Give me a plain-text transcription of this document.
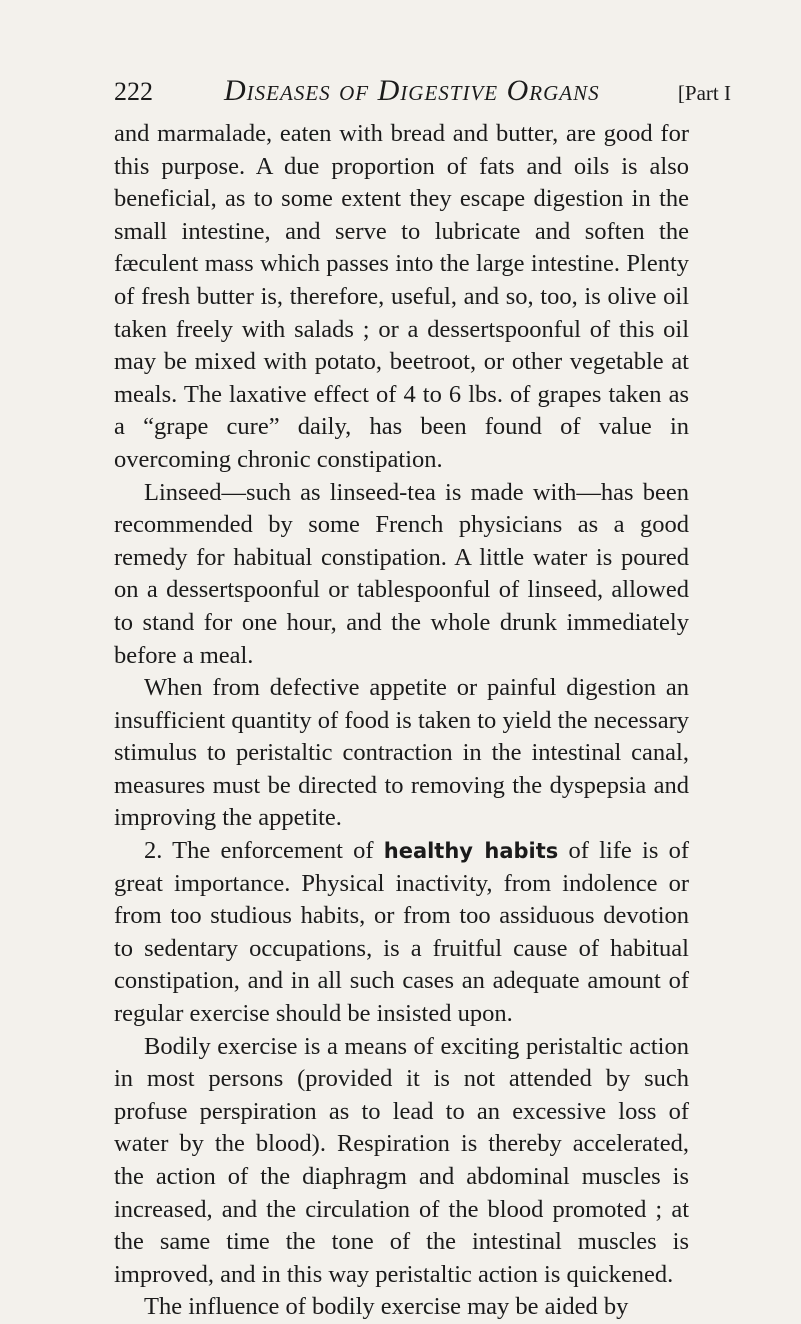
222	Diseases of Digestive Organs	[Part I

and marmalade, eaten with bread and butter, are good for this purpose. A due proportion of fats and oils is also beneficial, as to some extent they escape digestion in the small intestine, and serve to lubricate and soften the fæculent mass which passes into the large intestine. Plenty of fresh butter is, therefore, useful, and so, too, is olive oil taken freely with salads ; or a dessertspoonful of this oil may be mixed with potato, beetroot, or other vegetable at meals. The laxative effect of 4 to 6 lbs. of grapes taken as a “grape cure” daily, has been found of value in overcoming chronic constipation.

Linseed—such as linseed-tea is made with—has been recommended by some French physicians as a good remedy for habitual constipation. A little water is poured on a dessertspoonful or tablespoonful of linseed, allowed to stand for one hour, and the whole drunk immediately before a meal.

When from defective appetite or painful digestion an insufficient quantity of food is taken to yield the necessary stimulus to peristaltic contraction in the intestinal canal, measures must be directed to removing the dyspepsia and improving the appetite.

2. The enforcement of healthy habits of life is of great importance. Physical inactivity, from indolence or from too studious habits, or from too assiduous devotion to sedentary occupations, is a fruitful cause of habitual constipation, and in all such cases an adequate amount of regular exercise should be insisted upon.

Bodily exercise is a means of exciting peristaltic action in most persons (provided it is not attended by such profuse perspiration as to lead to an excessive loss of water by the blood). Respiration is thereby accelerated, the action of the diaphragm and abdominal muscles is increased, and the circulation of the blood promoted ; at the same time the tone of the intestinal muscles is improved, and in this way peristaltic action is quickened.

The influence of bodily exercise may be aided by
